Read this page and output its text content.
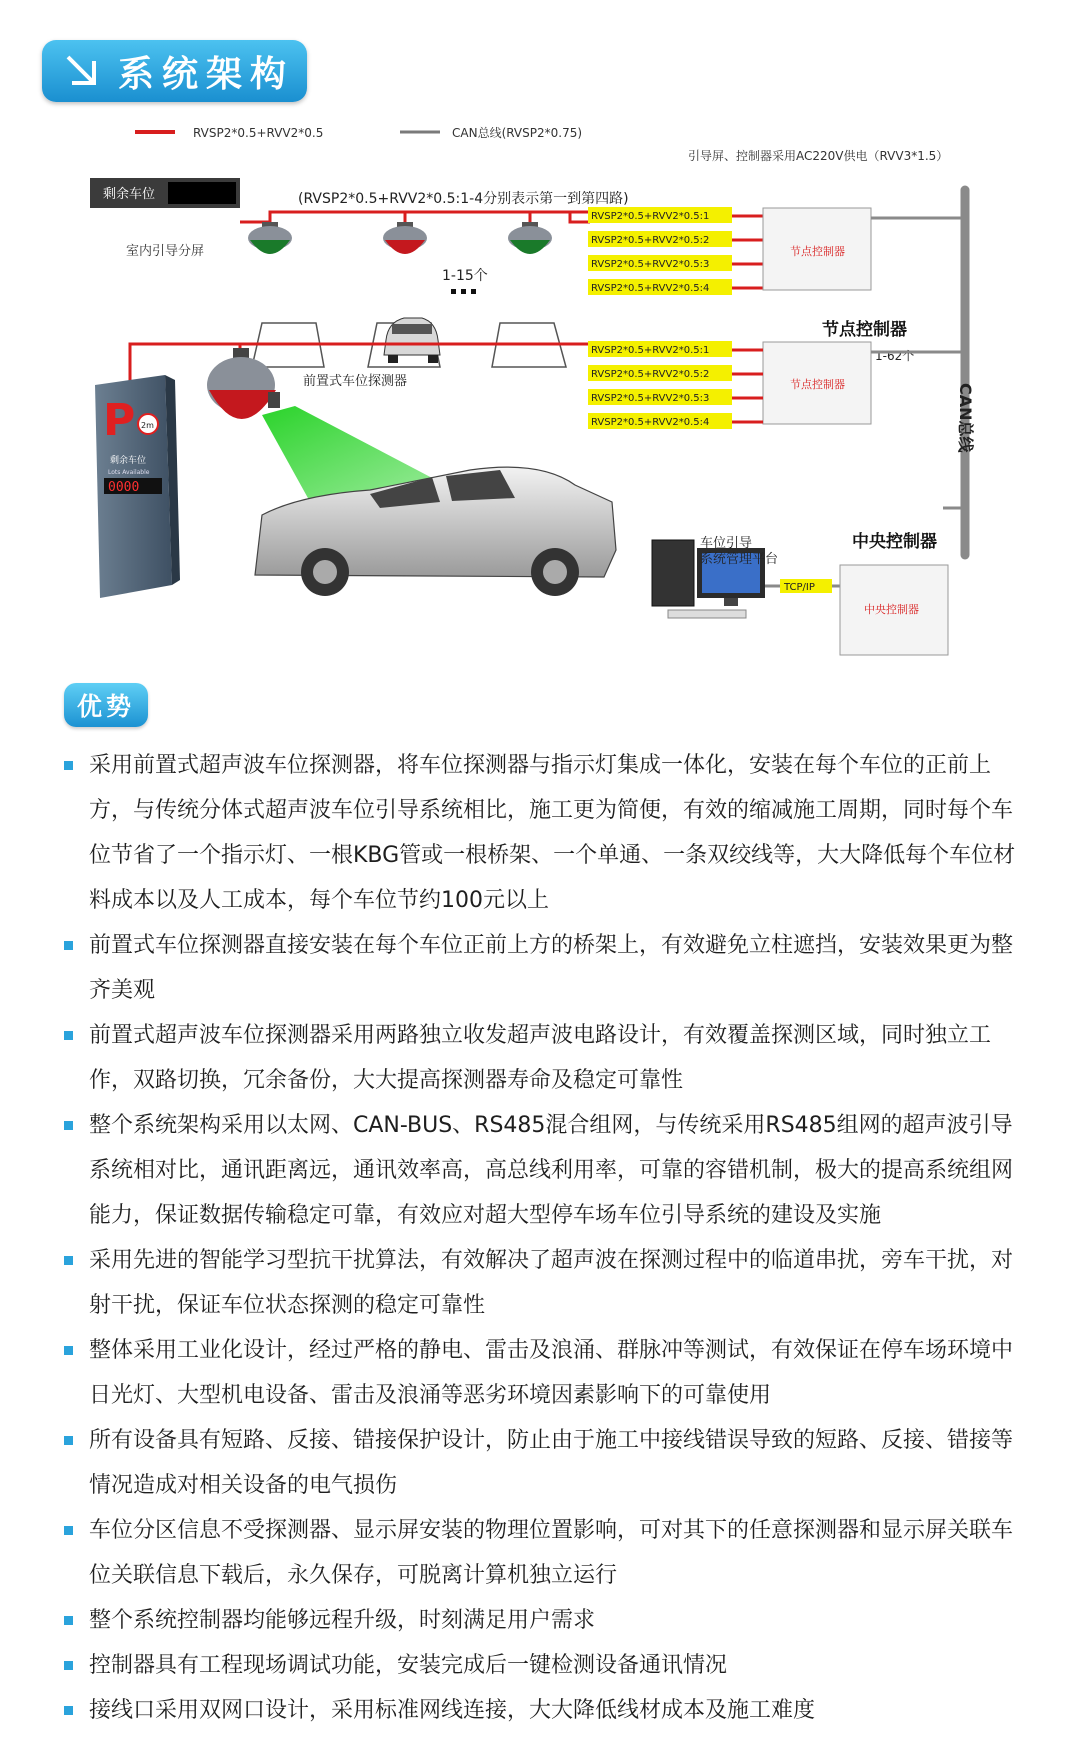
系统架构
RVSP2*0.5+RVV2*0.5	CAN总线(RVSP2*0.75)
引导屏、控制器采用AC220V供电（RVV3*1.5）
剩余车位
室内引导分屏
(RVSP2*0.5+RVV2*0.5:1-4分别表示第一到第四路)
1-15个
RVSP2*0.5+RVV2*0.5:1
RVSP2*0.5+RVV2*0.5:2
RVSP2*0.5+RVV2*0.5:3
RVSP2*0.5+RVV2*0.5:4
节点控制器
节点控制器
1-62个
节点控制器
RVSP2*0.5+RVV2*0.5:1
RVSP2*0.5+RVV2*0.5:2
RVSP2*0.5+RVV2*0.5:3
RVSP2*0.5+RVV2*0.5:4	CAN总线
前置式车位探测器
P 2m
剩余车位
Lots Available
0000
车位引导
系统管理平台
TCP/IP
中央控制器
中央控制器
优势
采用前置式超声波车位探测器，将车位探测器与指示灯集成一体化，安装在每个车位的正前上方，与传统分体式超声波车位引导系统相比，施工更为简便，有效的缩减施工周期，同时每个车位节省了一个指示灯、一根KBG管或一根桥架、一个单通、一条双绞线等，大大降低每个车位材料成本以及人工成本，每个车位节约100元以上
前置式车位探测器直接安装在每个车位正前上方的桥架上，有效避免立柱遮挡，安装效果更为整齐美观
前置式超声波车位探测器采用两路独立收发超声波电路设计，有效覆盖探测区域，同时独立工作，双路切换，冗余备份，大大提高探测器寿命及稳定可靠性
整个系统架构采用以太网、CAN-BUS、RS485混合组网，与传统采用RS485组网的超声波引导系统相对比，通讯距离远，通讯效率高，高总线利用率，可靠的容错机制，极大的提高系统组网能力，保证数据传输稳定可靠，有效应对超大型停车场车位引导系统的建设及实施
采用先进的智能学习型抗干扰算法，有效解决了超声波在探测过程中的临道串扰，旁车干扰，对射干扰，保证车位状态探测的稳定可靠性
整体采用工业化设计，经过严格的静电、雷击及浪涌、群脉冲等测试，有效保证在停车场环境中日光灯、大型机电设备、雷击及浪涌等恶劣环境因素影响下的可靠使用
所有设备具有短路、反接、错接保护设计，防止由于施工中接线错误导致的短路、反接、错接等情况造成对相关设备的电气损伤
车位分区信息不受探测器、显示屏安装的物理位置影响，可对其下的任意探测器和显示屏关联车位关联信息下载后，永久保存，可脱离计算机独立运行
整个系统控制器均能够远程升级，时刻满足用户需求
控制器具有工程现场调试功能，安装完成后一键检测设备通讯情况
接线口采用双网口设计，采用标准网线连接，大大降低线材成本及施工难度
